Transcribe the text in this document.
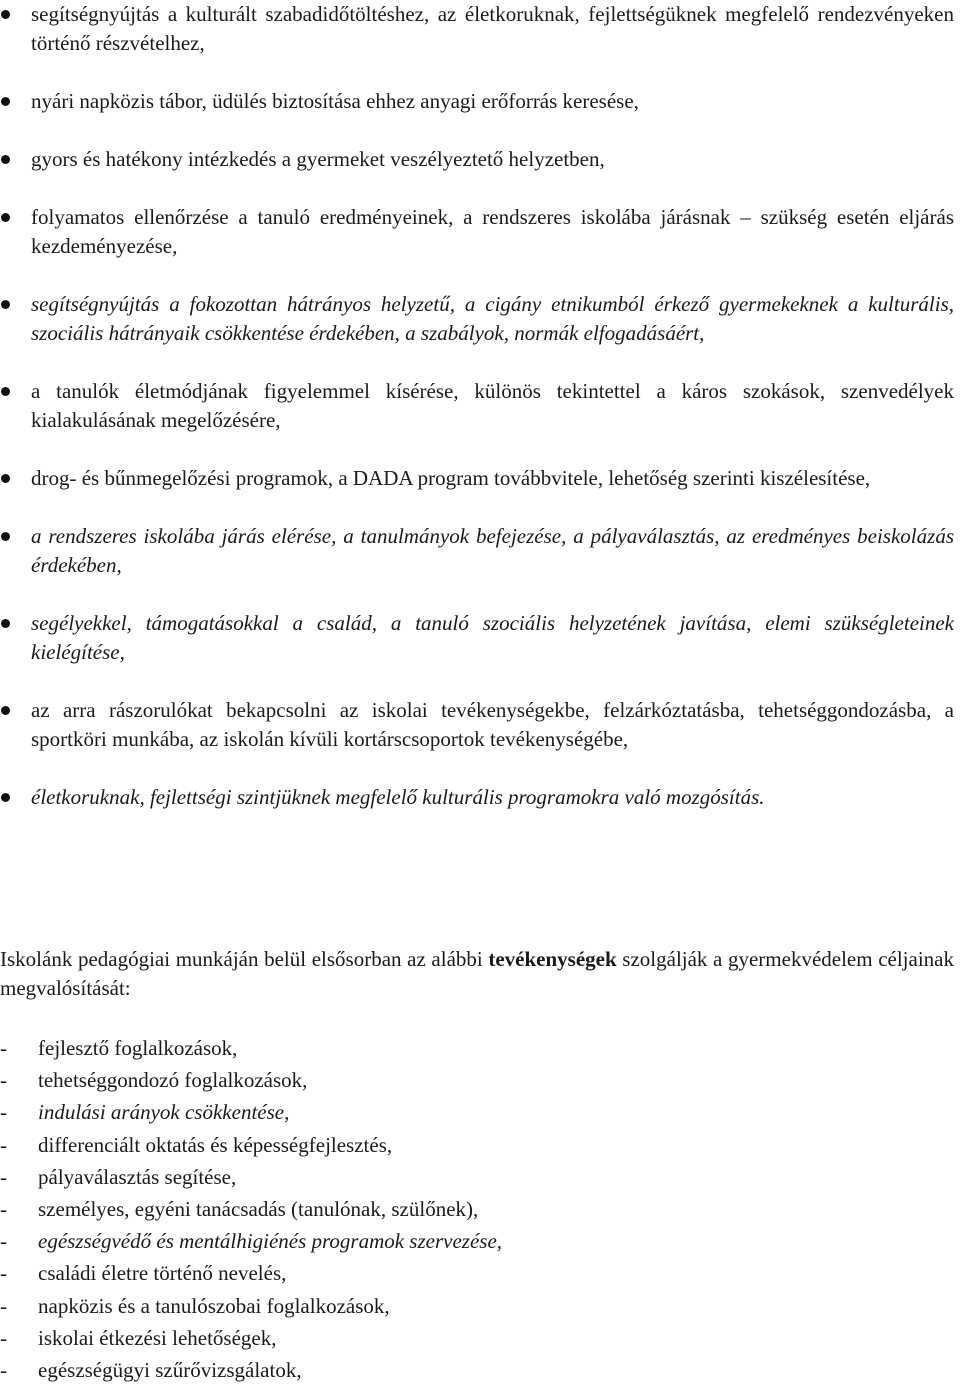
segítségnyújtás a kulturált szabadidőtöltéshez, az életkoruknak, fejlettségüknek megfelelő rendezvényeken történő részvételhez,
nyári napközis tábor, üdülés biztosítása ehhez anyagi erőforrás keresése,
gyors és hatékony intézkedés a gyermeket veszélyeztető helyzetben,
folyamatos ellenőrzése a tanuló eredményeinek, a rendszeres iskolába járásnak – szükség esetén eljárás kezdeményezése,
segítségnyújtás a fokozottan hátrányos helyzetű, a cigány etnikumból érkező gyermekeknek a kulturális, szociális hátrányaik csökkentése érdekében, a szabályok, normák elfogadásáért,
a tanulók életmódjának figyelemmel kísérése, különös tekintettel a káros szokások, szenvedélyek kialakulásának megelőzésére,
drog- és bűnmegelőzési programok, a DADA program továbbvitele, lehetőség szerinti kiszélesítése,
a rendszeres iskolába járás elérése, a tanulmányok befejezése, a pályaválasztás, az eredményes beiskolázás érdekében,
segélyekkel, támogatásokkal a család, a tanuló szociális helyzetének javítása, elemi szükségleteinek kielégítése,
az arra rászorulókat bekapcsolni az iskolai tevékenységekbe, felzárkóztatásba, tehetséggondozásba, a sportköri munkába, az iskolán kívüli kortárscsoportok tevékenységébe,
életkoruknak, fejlettségi szintjüknek megfelelő kulturális programokra való mozgósítás.

Iskolánk pedagógiai munkáján belül elsősorban az alábbi tevékenységek szolgálják a gyermekvédelem céljainak megvalósítását:

- fejlesztő foglalkozások,
- tehetséggondozó foglalkozások,
- indulási arányok csökkentése,
- differenciált oktatás és képességfejlesztés,
- pályaválasztás segítése,
- személyes, egyéni tanácsadás (tanulónak, szülőnek),
- egészségvédő és mentálhigiénés programok szervezése,
- családi életre történő nevelés,
- napközis és a tanulószobai foglalkozások,
- iskolai étkezési lehetőségek,
- egészségügyi szűrővizsgálatok,
